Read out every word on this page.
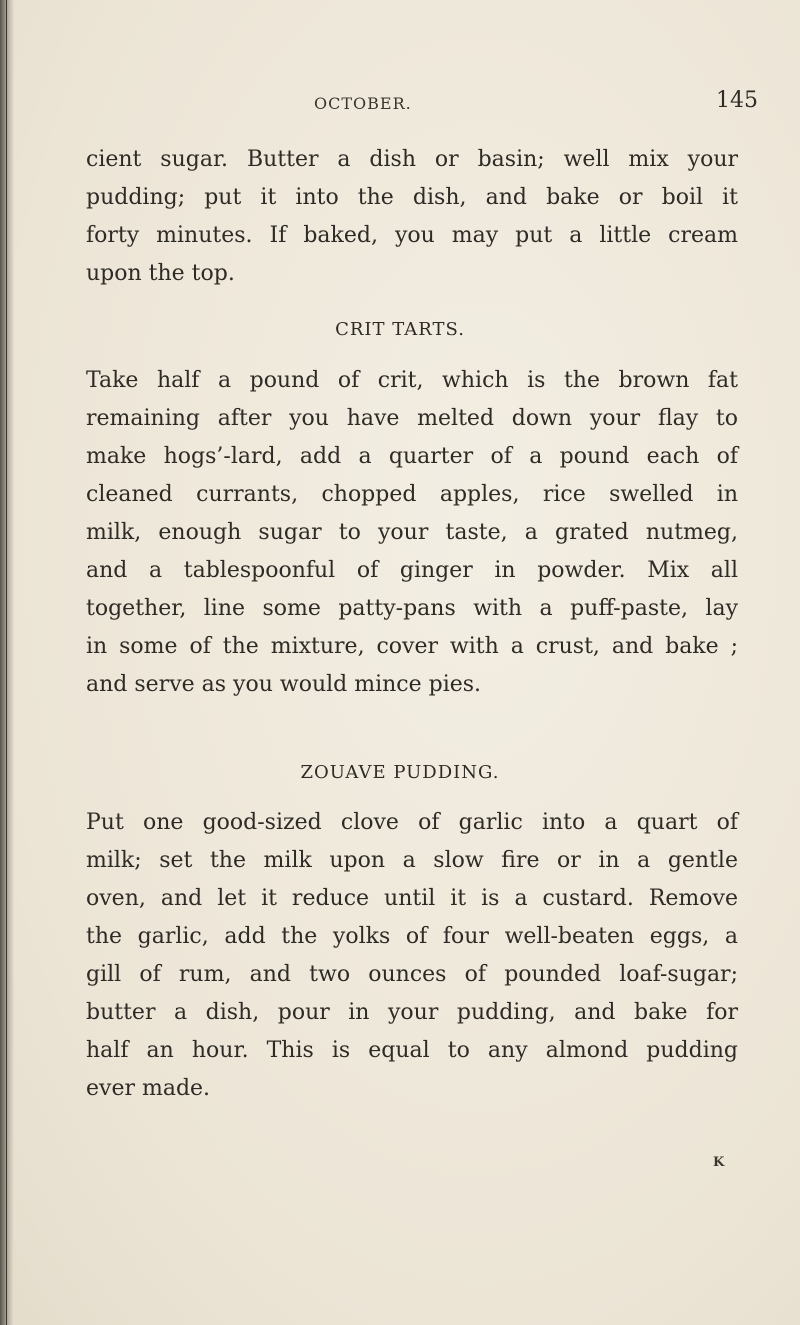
OCTOBER.	145
cient sugar. Butter a dish or basin; well mix your
pudding; put it into the dish, and bake or boil it
forty minutes. If baked, you may put a little cream
upon the top.
CRIT TARTS.
Take half a pound of crit, which is the brown fat
remaining after you have melted down your flay to
make hogs’-lard, add a quarter of a pound each of
cleaned currants, chopped apples, rice swelled in
milk, enough sugar to your taste, a grated nutmeg,
and a tablespoonful of ginger in powder. Mix all
together, line some patty-pans with a puff-paste, lay
in some of the mixture, cover with a crust, and bake ;
and serve as you would mince pies.
ZOUAVE PUDDING.
Put one good-sized clove of garlic into a quart of
milk; set the milk upon a slow fire or in a gentle
oven, and let it reduce until it is a custard. Remove
the garlic, add the yolks of four well-beaten eggs, a
gill of rum, and two ounces of pounded loaf-sugar;
butter a dish, pour in your pudding, and bake for
half an hour. This is equal to any almond pudding
ever made.
K
